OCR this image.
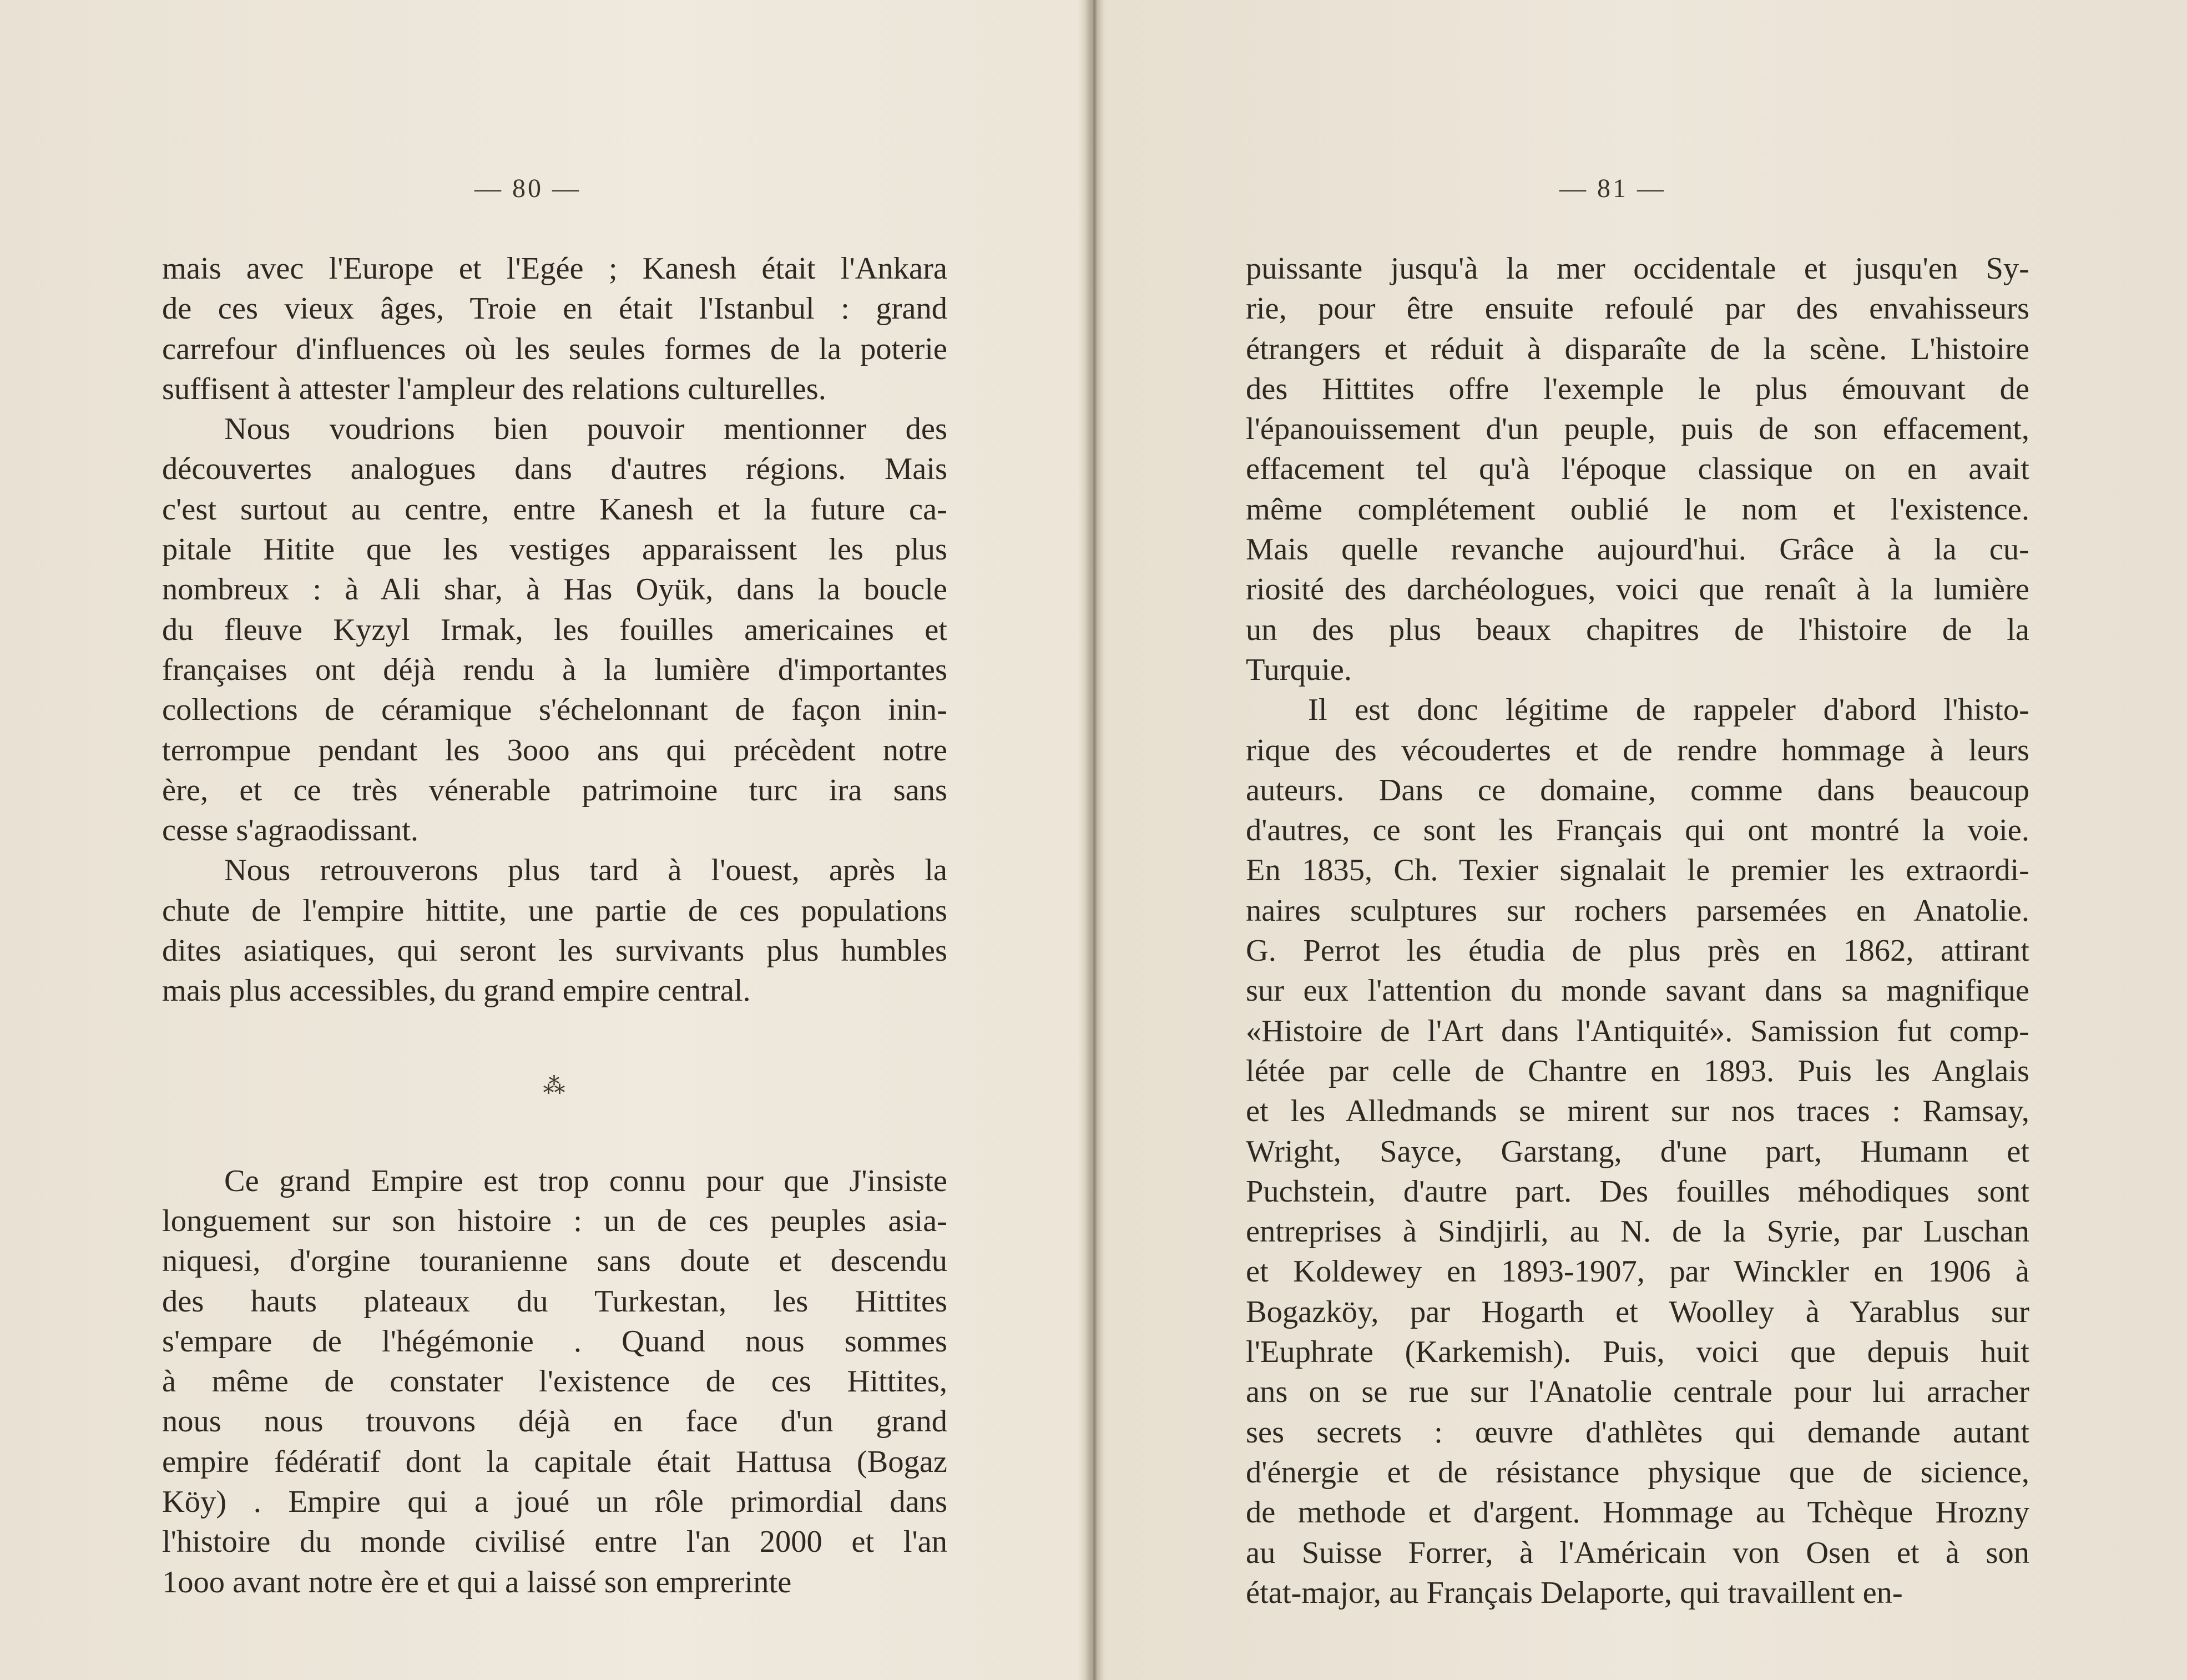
— 80 —
mais avec l'Europe et l'Egée ; Kanesh était l'Ankara
de ces vieux âges, Troie en était l'Istanbul : grand
carrefour d'influences où les seules formes de la poterie
suffisent à attester l'ampleur des relations culturelles.
Nous voudrions bien pouvoir mentionner des
découvertes analogues dans d'autres régions. Mais
c'est surtout au centre, entre Kanesh et la future ca-
pitale Hitite que les vestiges apparaissent les plus
nombreux : à Ali shar, à Has Oyük, dans la boucle
du fleuve Kyzyl Irmak, les fouilles americaines et
françaises ont déjà rendu à la lumière d'importantes
collections de céramique s'échelonnant de façon inin-
terrompue pendant les 3ooo ans qui précèdent notre
ère, et ce très vénerable patrimoine turc ira sans
cesse s'agraodissant.
Nous retrouverons plus tard à l'ouest, après la
chute de l'empire hittite, une partie de ces populations
dites asiatiques, qui seront les survivants plus humbles
mais plus accessibles, du grand empire central.
⁂
Ce grand Empire est trop connu pour que J'insiste
longuement sur son histoire : un de ces peuples asia-
niquesi, d'orgine touranienne sans doute et descendu
des hauts plateaux du Turkestan, les Hittites
s'empare de l'hégémonie . Quand nous sommes
à même de constater l'existence de ces Hittites,
nous nous trouvons déjà en face d'un grand
empire fédératif dont la capitale était Hattusa (Bogaz
Köy) . Empire qui a joué un rôle primordial dans
l'histoire du monde civilisé entre l'an 2000 et l'an
1ooo avant notre ère et qui a laissé son emprerinte
— 81 —
puissante jusqu'à la mer occidentale et jusqu'en Sy-
rie, pour être ensuite refoulé par des envahisseurs
étrangers et réduit à disparaîte de la scène. L'histoire
des Hittites offre l'exemple le plus émouvant de
l'épanouissement d'un peuple, puis de son effacement,
effacement tel qu'à l'époque classique on en avait
même complétement oublié le nom et l'existence.
Mais quelle revanche aujourd'hui. Grâce à la cu-
riosité des darchéologues, voici que renaît à la lumière
un des plus beaux chapitres de l'histoire de la
Turquie.
Il est donc légitime de rappeler d'abord l'histo-
rique des vécoudertes et de rendre hommage à leurs
auteurs. Dans ce domaine, comme dans beaucoup
d'autres, ce sont les Français qui ont montré la voie.
En 1835, Ch. Texier signalait le premier les extraordi-
naires sculptures sur rochers parsemées en Anatolie.
G. Perrot les étudia de plus près en 1862, attirant
sur eux l'attention du monde savant dans sa magnifique
«Histoire de l'Art dans l'Antiquité». Samission fut comp-
létée par celle de Chantre en 1893. Puis les Anglais
et les Alledmands se mirent sur nos traces : Ramsay,
Wright, Sayce, Garstang, d'une part, Humann et
Puchstein, d'autre part. Des fouilles méhodiques sont
entreprises à Sindjirli, au N. de la Syrie, par Luschan
et Koldewey en 1893-1907, par Winckler en 1906 à
Bogazköy, par Hogarth et Woolley à Yarablus sur
l'Euphrate (Karkemish). Puis, voici que depuis huit
ans on se rue sur l'Anatolie centrale pour lui arracher
ses secrets : œuvre d'athlètes qui demande autant
d'énergie et de résistance physique que de sicience,
de methode et d'argent. Hommage au Tchèque Hrozny
au Suisse Forrer, à l'Américain von Osen et à son
état-major, au Français Delaporte, qui travaillent en-
